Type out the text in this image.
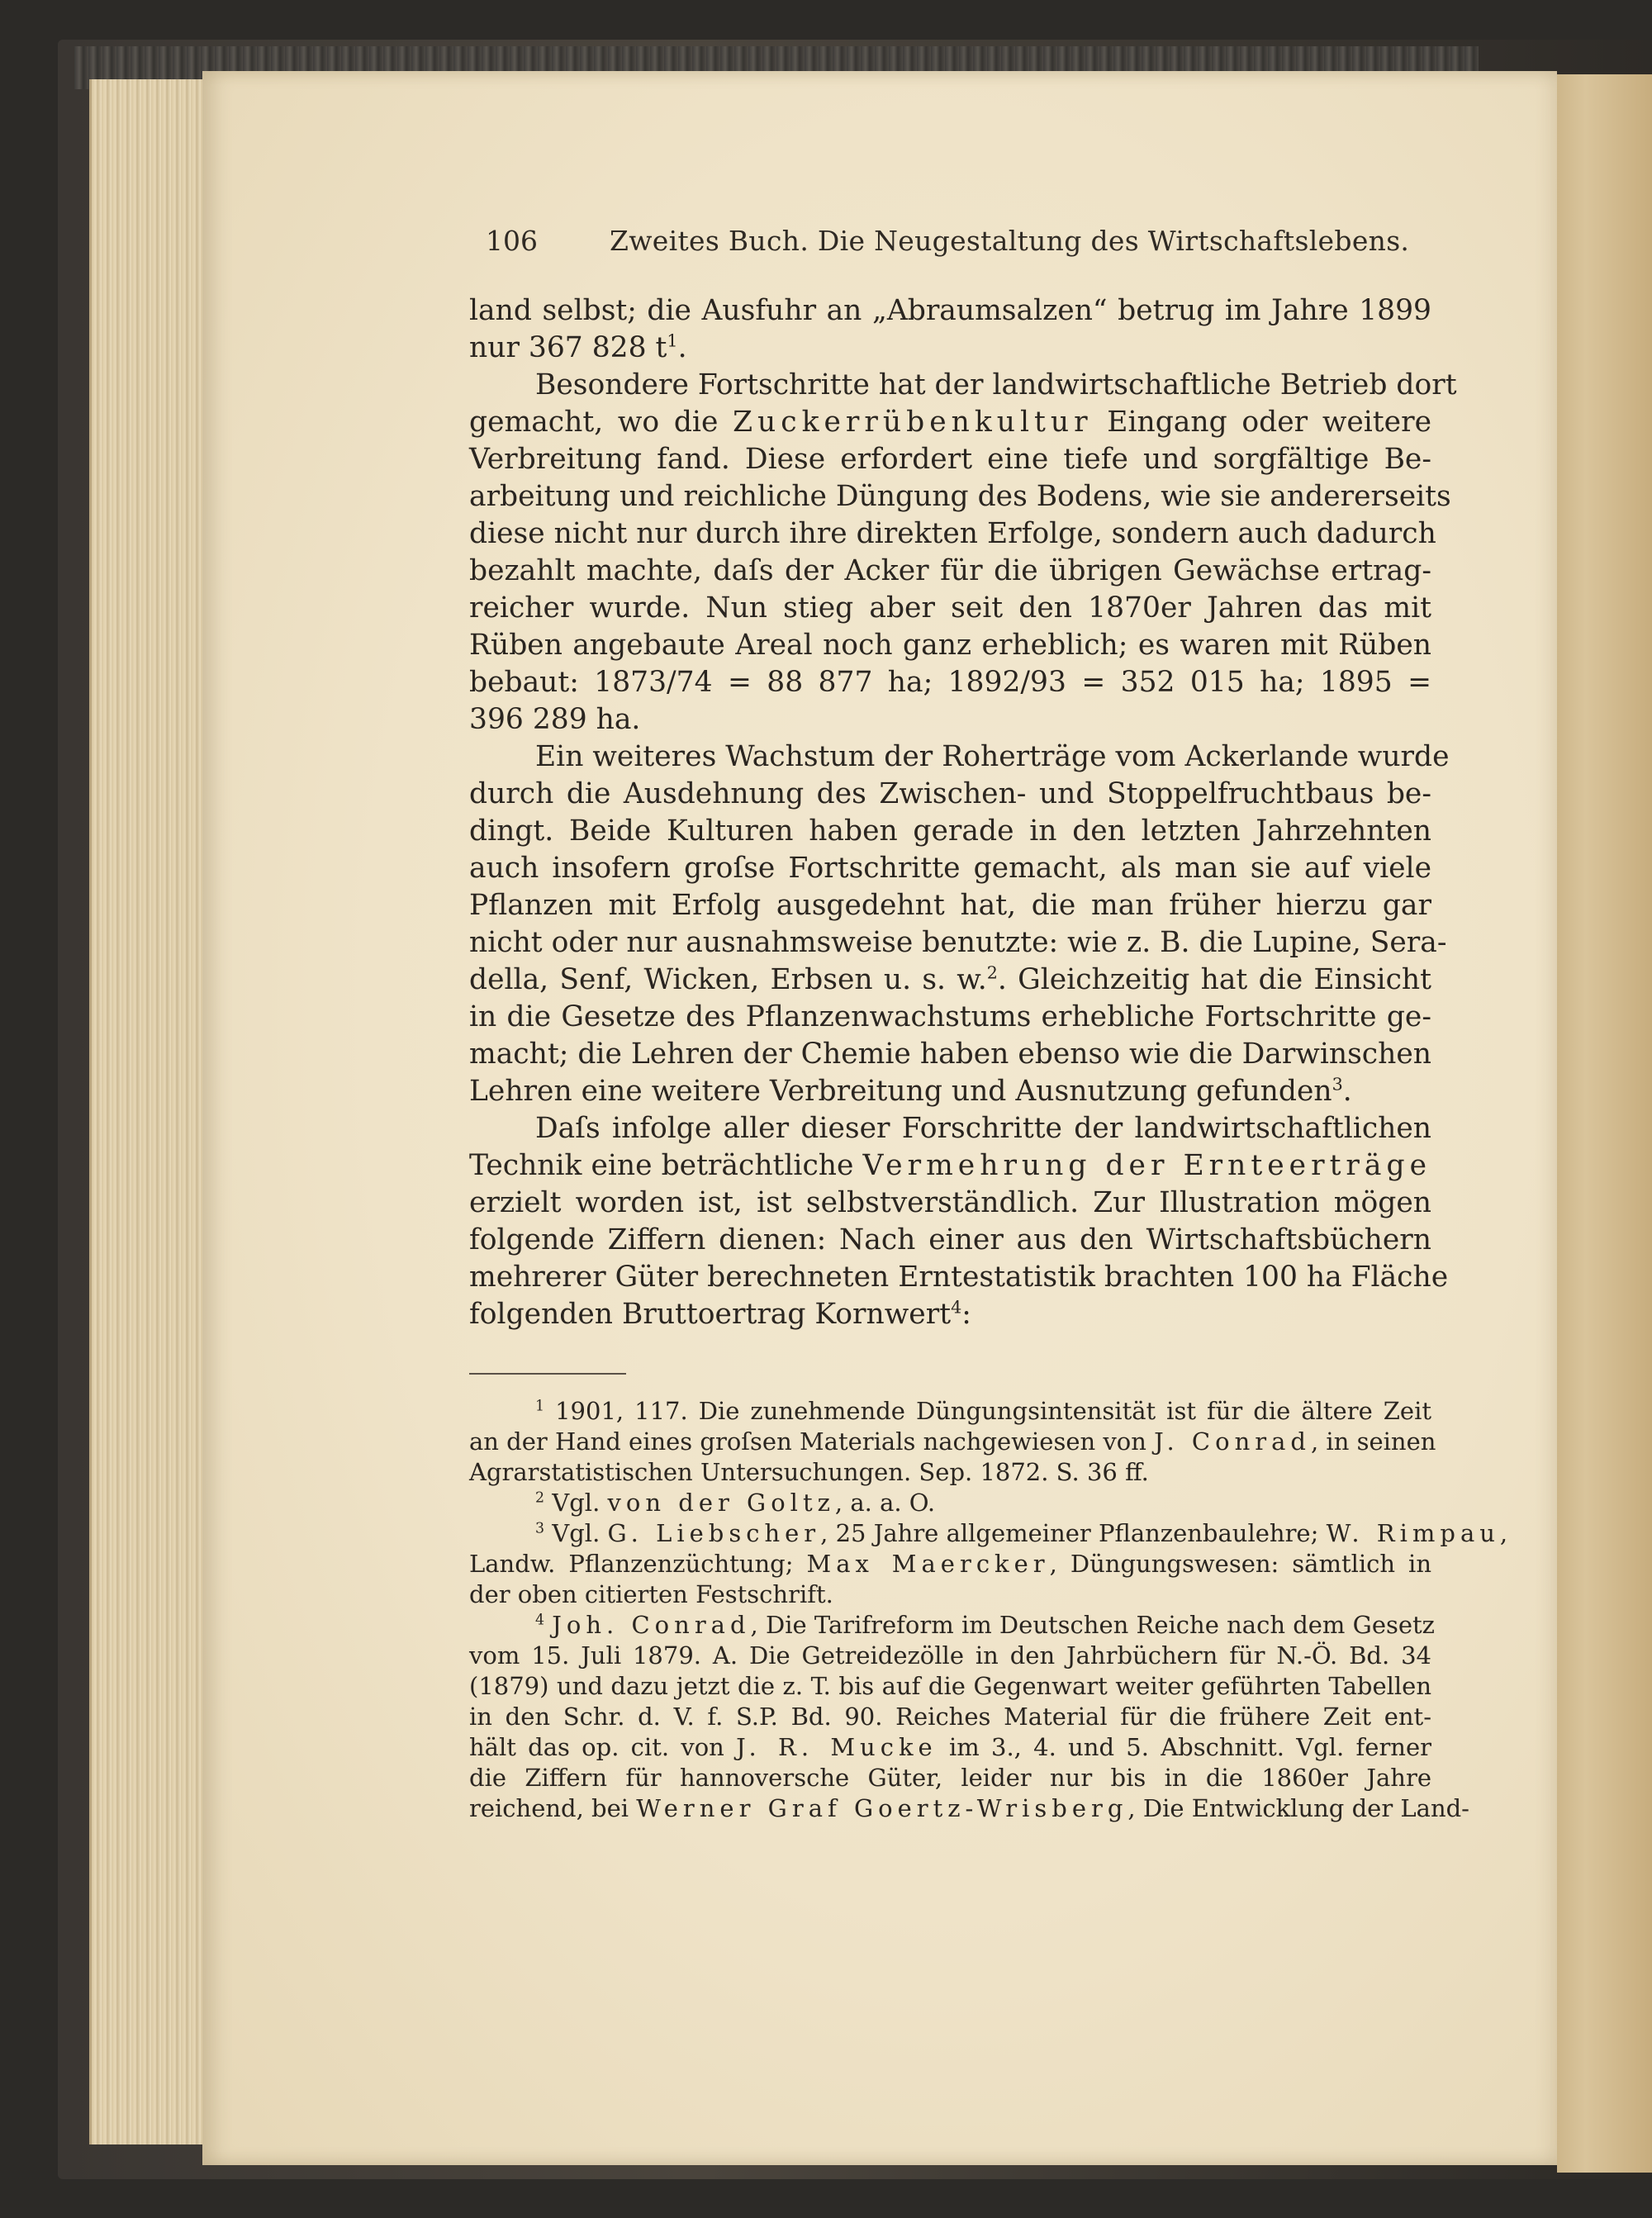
106	Zweites Buch. Die Neugestaltung des Wirtschaftslebens.
land selbst; die Ausfuhr an „Abraumsalzen“ betrug im Jahre 1899
nur 367 828 $t^1$.
Besondere Fortschritte hat der landwirtschaftliche Betrieb dort
gemacht, wo die Zuckerrübenkultur Eingang oder weitere
Verbreitung fand. Diese erfordert eine tiefe und sorgfältige Be-
arbeitung und reichliche Düngung des Bodens, wie sie andererseits
diese nicht nur durch ihre direkten Erfolge, sondern auch dadurch
bezahlt machte, daſs der Acker für die übrigen Gewächse ertrag-
reicher wurde. Nun stieg aber seit den 1870er Jahren das mit
Rüben angebaute Areal noch ganz erheblich; es waren mit Rüben
bebaut: 1873/74 = 88 877 ha; 1892/93 = 352 015 ha; 1895 =
396 289 ha.
Ein weiteres Wachstum der Roherträge vom Ackerlande wurde
durch die Ausdehnung des Zwischen- und Stoppelfruchtbaus be-
dingt. Beide Kulturen haben gerade in den letzten Jahrzehnten
auch insofern groſse Fortschritte gemacht, als man sie auf viele
Pflanzen mit Erfolg ausgedehnt hat, die man früher hierzu gar
nicht oder nur ausnahmsweise benutzte: wie z. B. die Lupine, Sera-
della, Senf, Wicken, Erbsen u. s. w.$^2$. Gleichzeitig hat die Einsicht
in die Gesetze des Pflanzenwachstums erhebliche Fortschritte ge-
macht; die Lehren der Chemie haben ebenso wie die Darwinschen
Lehren eine weitere Verbreitung und Ausnutzung gefunden$^3$.
Daſs infolge aller dieser Forschritte der landwirtschaftlichen
Technik eine beträchtliche Vermehrung der Ernteerträge
erzielt worden ist, ist selbstverständlich. Zur Illustration mögen
folgende Ziffern dienen: Nach einer aus den Wirtschaftsbüchern
mehrerer Güter berechneten Erntestatistik brachten 100 ha Fläche
folgenden Bruttoertrag Kornwert$^4$:
$^1$ 1901, 117. Die zunehmende Düngungsintensität ist für die ältere Zeit
an der Hand eines groſsen Materials nachgewiesen von J. Conrad, in seinen
Agrarstatistischen Untersuchungen. Sep. 1872. S. 36 ff.
$^2$ Vgl. von der Goltz, a. a. O.
$^3$ Vgl. G. Liebscher, 25 Jahre allgemeiner Pflanzenbaulehre; W. Rimpau,
Landw. Pflanzenzüchtung; Max Maercker, Düngungswesen: sämtlich in
der oben citierten Festschrift.
$^4$ Joh. Conrad, Die Tarifreform im Deutschen Reiche nach dem Gesetz
vom 15. Juli 1879. A. Die Getreidezölle in den Jahrbüchern für N.-Ö. Bd. 34
(1879) und dazu jetzt die z. T. bis auf die Gegenwart weiter geführten Tabellen
in den Schr. d. V. f. S.P. Bd. 90. Reiches Material für die frühere Zeit ent-
hält das op. cit. von J. R. Mucke im 3., 4. und 5. Abschnitt. Vgl. ferner
die Ziffern für hannoversche Güter, leider nur bis in die 1860er Jahre
reichend, bei Werner Graf Goertz-Wrisberg, Die Entwicklung der Land-
